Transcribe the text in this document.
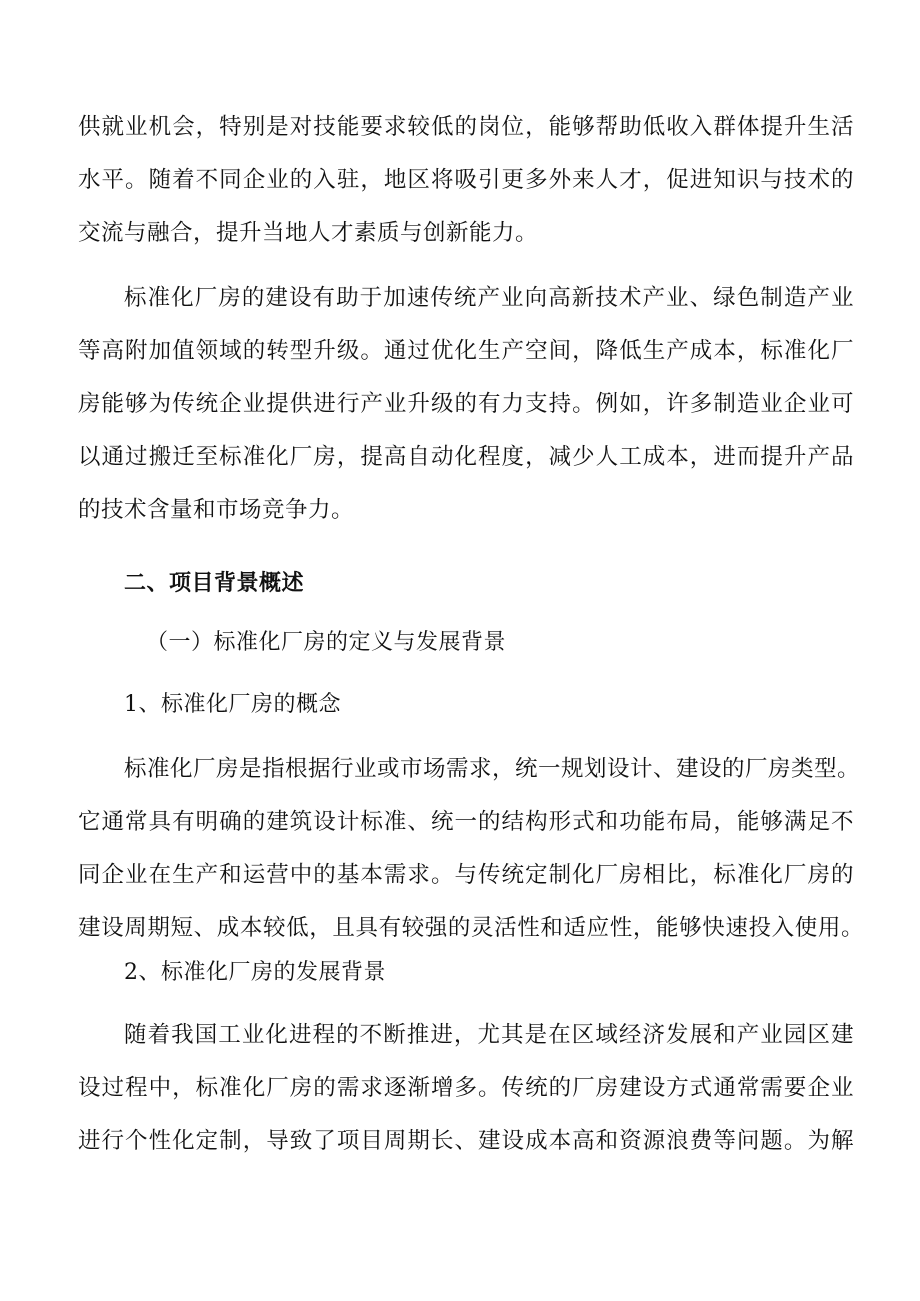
供就业机会，特别是对技能要求较低的岗位，能够帮助低收入群体提升生活
水平。随着不同企业的入驻，地区将吸引更多外来人才，促进知识与技术的
交流与融合，提升当地人才素质与创新能力。
标准化厂房的建设有助于加速传统产业向高新技术产业、绿色制造产业
等高附加值领域的转型升级。通过优化生产空间，降低生产成本，标准化厂
房能够为传统企业提供进行产业升级的有力支持。例如，许多制造业企业可
以通过搬迁至标准化厂房，提高自动化程度，减少人工成本，进而提升产品
的技术含量和市场竞争力。
二、项目背景概述
（一）标准化厂房的定义与发展背景
1、标准化厂房的概念
标准化厂房是指根据行业或市场需求，统一规划设计、建设的厂房类型。
它通常具有明确的建筑设计标准、统一的结构形式和功能布局，能够满足不
同企业在生产和运营中的基本需求。与传统定制化厂房相比，标准化厂房的
建设周期短、成本较低，且具有较强的灵活性和适应性，能够快速投入使用。
2、标准化厂房的发展背景
随着我国工业化进程的不断推进，尤其是在区域经济发展和产业园区建
设过程中，标准化厂房的需求逐渐增多。传统的厂房建设方式通常需要企业
进行个性化定制，导致了项目周期长、建设成本高和资源浪费等问题。为解
